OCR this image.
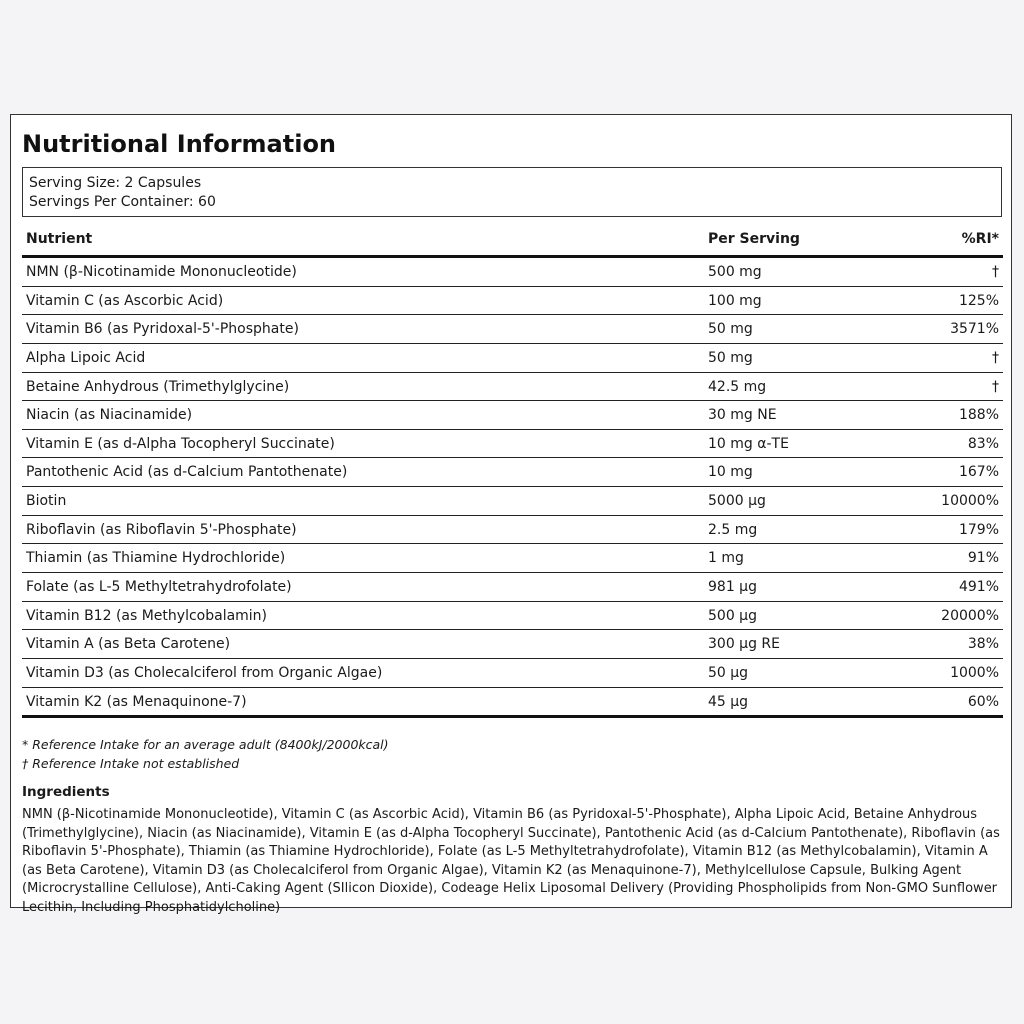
Nutritional Information
Serving Size: 2 Capsules
Servings Per Container: 60
Nutrient	Per Serving	%RI*
NMN (β-Nicotinamide Mononucleotide)	500 mg	†
Vitamin C (as Ascorbic Acid)	100 mg	125%
Vitamin B6 (as Pyridoxal-5'-Phosphate)	50 mg	3571%
Alpha Lipoic Acid	50 mg	†
Betaine Anhydrous (Trimethylglycine)	42.5 mg	†
Niacin (as Niacinamide)	30 mg NE	188%
Vitamin E (as d-Alpha Tocopheryl Succinate)	10 mg α-TE	83%
Pantothenic Acid (as d-Calcium Pantothenate)	10 mg	167%
Biotin	5000 µg	10000%
Riboflavin (as Riboflavin 5'-Phosphate)	2.5 mg	179%
Thiamin (as Thiamine Hydrochloride)	1 mg	91%
Folate (as L-5 Methyltetrahydrofolate)	981 µg	491%
Vitamin B12 (as Methylcobalamin)	500 µg	20000%
Vitamin A (as Beta Carotene)	300 µg RE	38%
Vitamin D3 (as Cholecalciferol from Organic Algae)	50 µg	1000%
Vitamin K2 (as Menaquinone-7)	45 µg	60%
* Reference Intake for an average adult (8400kJ/2000kcal)
† Reference Intake not established
Ingredients
NMN (β-Nicotinamide Mononucleotide), Vitamin C (as Ascorbic Acid), Vitamin B6 (as Pyridoxal-5'-Phosphate), Alpha Lipoic Acid, Betaine Anhydrous (Trimethylglycine), Niacin (as Niacinamide), Vitamin E (as d-Alpha Tocopheryl Succinate), Pantothenic Acid (as d-Calcium Pantothenate), Riboflavin (as Riboflavin 5'-Phosphate), Thiamin (as Thiamine Hydrochloride), Folate (as L-5 Methyltetrahydrofolate), Vitamin B12 (as Methylcobalamin), Vitamin A (as Beta Carotene), Vitamin D3 (as Cholecalciferol from Organic Algae), Vitamin K2 (as Menaquinone-7), Methylcellulose Capsule, Bulking Agent (Microcrystalline Cellulose), Anti-Caking Agent (SIlicon Dioxide), Codeage Helix Liposomal Delivery (Providing Phospholipids from Non-GMO Sunflower Lecithin, Including Phosphatidylcholine)
